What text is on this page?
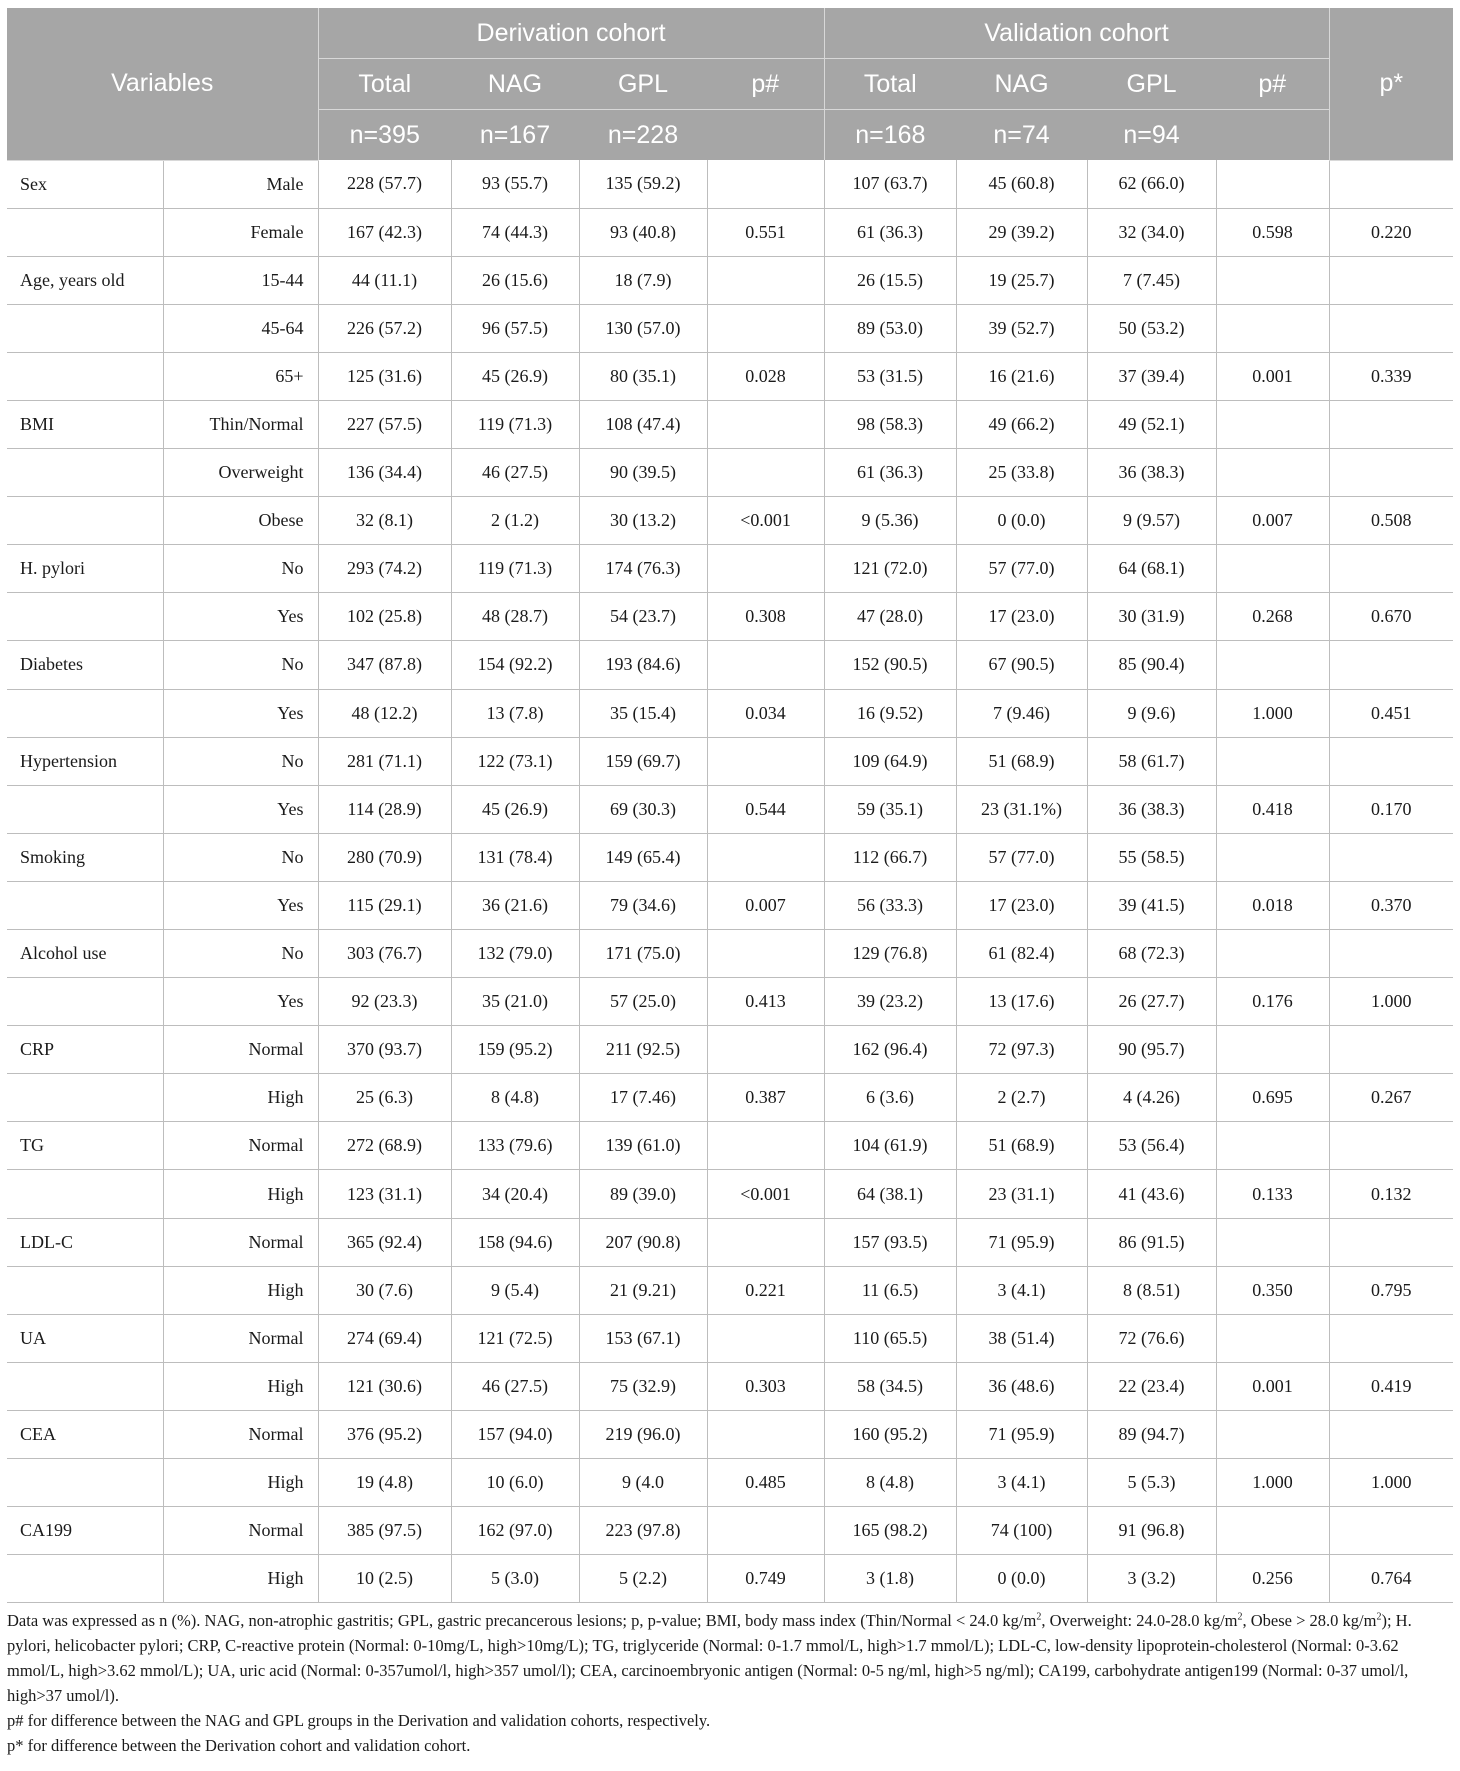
Variables		Derivation cohort				Validation cohort				p*
		Total	NAG	GPL	p#	Total	NAG	GPL	p#	
		n=395	n=167	n=228		n=168	n=74	n=94		
Sex	Male	228 (57.7)	93 (55.7)	135 (59.2)		107 (63.7)	45 (60.8)	62 (66.0)		
	Female	167 (42.3)	74 (44.3)	93 (40.8)	0.551	61 (36.3)	29 (39.2)	32 (34.0)	0.598	0.220
Age, years old	15-44	44 (11.1)	26 (15.6)	18 (7.9)		26 (15.5)	19 (25.7)	7 (7.45)		
	45-64	226 (57.2)	96 (57.5)	130 (57.0)		89 (53.0)	39 (52.7)	50 (53.2)		
	65+	125 (31.6)	45 (26.9)	80 (35.1)	0.028	53 (31.5)	16 (21.6)	37 (39.4)	0.001	0.339
BMI	Thin/Normal	227 (57.5)	119 (71.3)	108 (47.4)		98 (58.3)	49 (66.2)	49 (52.1)		
	Overweight	136 (34.4)	46 (27.5)	90 (39.5)		61 (36.3)	25 (33.8)	36 (38.3)		
	Obese	32 (8.1)	2 (1.2)	30 (13.2)	<0.001	9 (5.36)	0 (0.0)	9 (9.57)	0.007	0.508
H. pylori	No	293 (74.2)	119 (71.3)	174 (76.3)		121 (72.0)	57 (77.0)	64 (68.1)		
	Yes	102 (25.8)	48 (28.7)	54 (23.7)	0.308	47 (28.0)	17 (23.0)	30 (31.9)	0.268	0.670
Diabetes	No	347 (87.8)	154 (92.2)	193 (84.6)		152 (90.5)	67 (90.5)	85 (90.4)		
	Yes	48 (12.2)	13 (7.8)	35 (15.4)	0.034	16 (9.52)	7 (9.46)	9 (9.6)	1.000	0.451
Hypertension	No	281 (71.1)	122 (73.1)	159 (69.7)		109 (64.9)	51 (68.9)	58 (61.7)		
	Yes	114 (28.9)	45 (26.9)	69 (30.3)	0.544	59 (35.1)	23 (31.1%)	36 (38.3)	0.418	0.170
Smoking	No	280 (70.9)	131 (78.4)	149 (65.4)		112 (66.7)	57 (77.0)	55 (58.5)		
	Yes	115 (29.1)	36 (21.6)	79 (34.6)	0.007	56 (33.3)	17 (23.0)	39 (41.5)	0.018	0.370
Alcohol use	No	303 (76.7)	132 (79.0)	171 (75.0)		129 (76.8)	61 (82.4)	68 (72.3)		
	Yes	92 (23.3)	35 (21.0)	57 (25.0)	0.413	39 (23.2)	13 (17.6)	26 (27.7)	0.176	1.000
CRP	Normal	370 (93.7)	159 (95.2)	211 (92.5)		162 (96.4)	72 (97.3)	90 (95.7)		
	High	25 (6.3)	8 (4.8)	17 (7.46)	0.387	6 (3.6)	2 (2.7)	4 (4.26)	0.695	0.267
TG	Normal	272 (68.9)	133 (79.6)	139 (61.0)		104 (61.9)	51 (68.9)	53 (56.4)		
	High	123 (31.1)	34 (20.4)	89 (39.0)	<0.001	64 (38.1)	23 (31.1)	41 (43.6)	0.133	0.132
LDL-C	Normal	365 (92.4)	158 (94.6)	207 (90.8)		157 (93.5)	71 (95.9)	86 (91.5)		
	High	30 (7.6)	9 (5.4)	21 (9.21)	0.221	11 (6.5)	3 (4.1)	8 (8.51)	0.350	0.795
UA	Normal	274 (69.4)	121 (72.5)	153 (67.1)		110 (65.5)	38 (51.4)	72 (76.6)		
	High	121 (30.6)	46 (27.5)	75 (32.9)	0.303	58 (34.5)	36 (48.6)	22 (23.4)	0.001	0.419
CEA	Normal	376 (95.2)	157 (94.0)	219 (96.0)		160 (95.2)	71 (95.9)	89 (94.7)		
	High	19 (4.8)	10 (6.0)	9 (4.0	0.485	8 (4.8)	3 (4.1)	5 (5.3)	1.000	1.000
CA199	Normal	385 (97.5)	162 (97.0)	223 (97.8)		165 (98.2)	74 (100)	91 (96.8)		
	High	10 (2.5)	5 (3.0)	5 (2.2)	0.749	3 (1.8)	0 (0.0)	3 (3.2)	0.256	0.764

Data was expressed as n (%). NAG, non-atrophic gastritis; GPL, gastric precancerous lesions; p, p-value; BMI, body mass index (Thin/Normal < 24.0 $kg/m^2$, Overweight: 24.0-28.0 $kg/m^2$, Obese > 28.0 $kg/m^2$); H. pylori, helicobacter pylori; CRP, C-reactive protein (Normal: 0-10mg/L, high>10mg/L); TG, triglyceride (Normal: 0-1.7 mmol/L, high>1.7 mmol/L); LDL-C, low-density lipoprotein-cholesterol (Normal: 0-3.62 mmol/L, high>3.62 mmol/L); UA, uric acid (Normal: 0-357umol/l, high>357 umol/l); CEA, carcinoembryonic antigen (Normal: 0-5 ng/ml, high>5 ng/ml); CA199, carbohydrate antigen199 (Normal: 0-37 umol/l, high>37 umol/l).

p# for difference between the NAG and GPL groups in the Derivation and validation cohorts, respectively.

p* for difference between the Derivation cohort and validation cohort.
